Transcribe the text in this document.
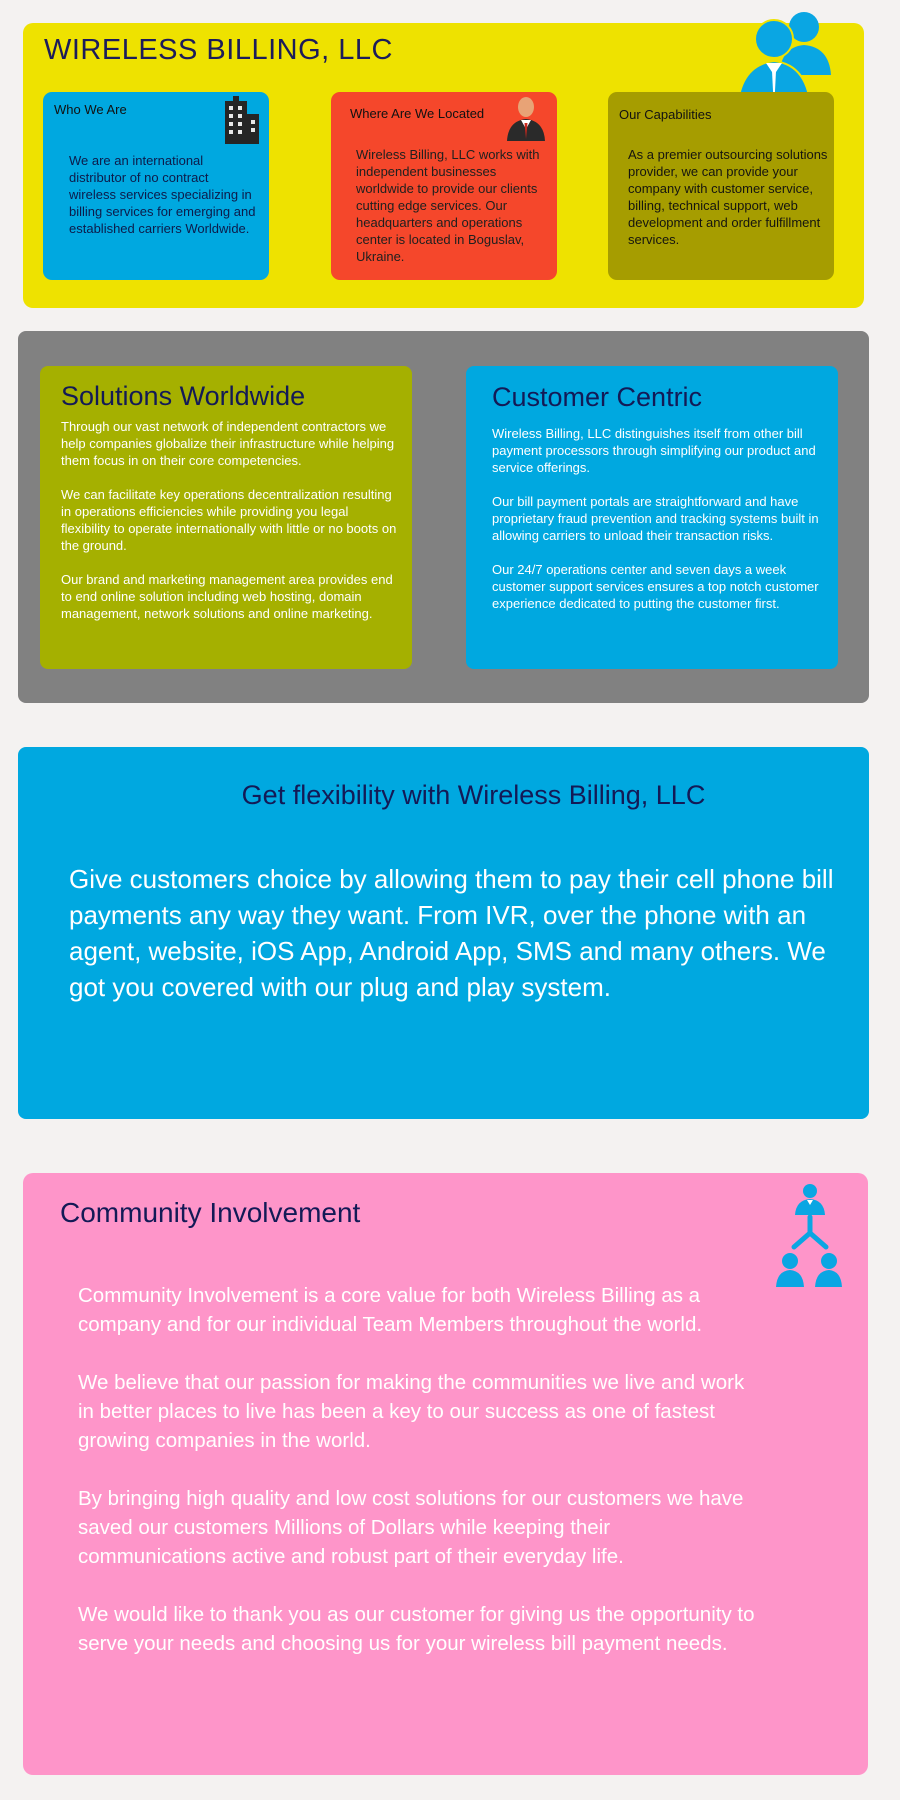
WIRELESS BILLING, LLC
Who We Are
We are an international distributor of no contract wireless services specializing in billing services for emerging and established carriers Worldwide.
Where Are We Located
Wireless Billing, LLC works with independent businesses worldwide to provide our clients cutting edge services. Our headquarters and operations center is located in Boguslav, Ukraine.
Our Capabilities
As a premier outsourcing solutions provider, we can provide your company with customer service, billing, technical support, web development and order fulfillment services.
Solutions Worldwide

Through our vast network of independent contractors we help companies globalize their infrastructure while helping them focus in on their core competencies.

We can facilitate key operations decentralization resulting in operations efficiencies while providing you legal flexibility to operate internationally with little or no boots on the ground.

Our brand and marketing management area provides end to end online solution including web hosting, domain management, network solutions and online marketing.

Customer Centric

Wireless Billing, LLC distinguishes itself from other bill payment processors through simplifying our product and service offerings.

Our bill payment portals are straightforward and have proprietary fraud prevention and tracking systems built in allowing carriers to unload their transaction risks.

Our 24/7 operations center and seven days a week customer support services ensures a top notch customer experience dedicated to putting the customer first.

Get flexibility with Wireless Billing, LLC
Give customers choice by allowing them to pay their cell phone bill payments any way they want. From IVR, over the phone with an agent, website, iOS App, Android App, SMS and many others. We got you covered with our plug and play system.
Community Involvement

Community Involvement is a core value for both Wireless Billing as a company and for our individual Team Members throughout the world.

We believe that our passion for making the communities we live and work in better places to live has been a key to our success as one of fastest growing companies in the world.

By bringing high quality and low cost solutions for our customers we have saved our customers Millions of Dollars while keeping their communications active and robust part of their everyday life.

We would like to thank you as our customer for giving us the opportunity to serve your needs and choosing us for your wireless bill payment needs.
